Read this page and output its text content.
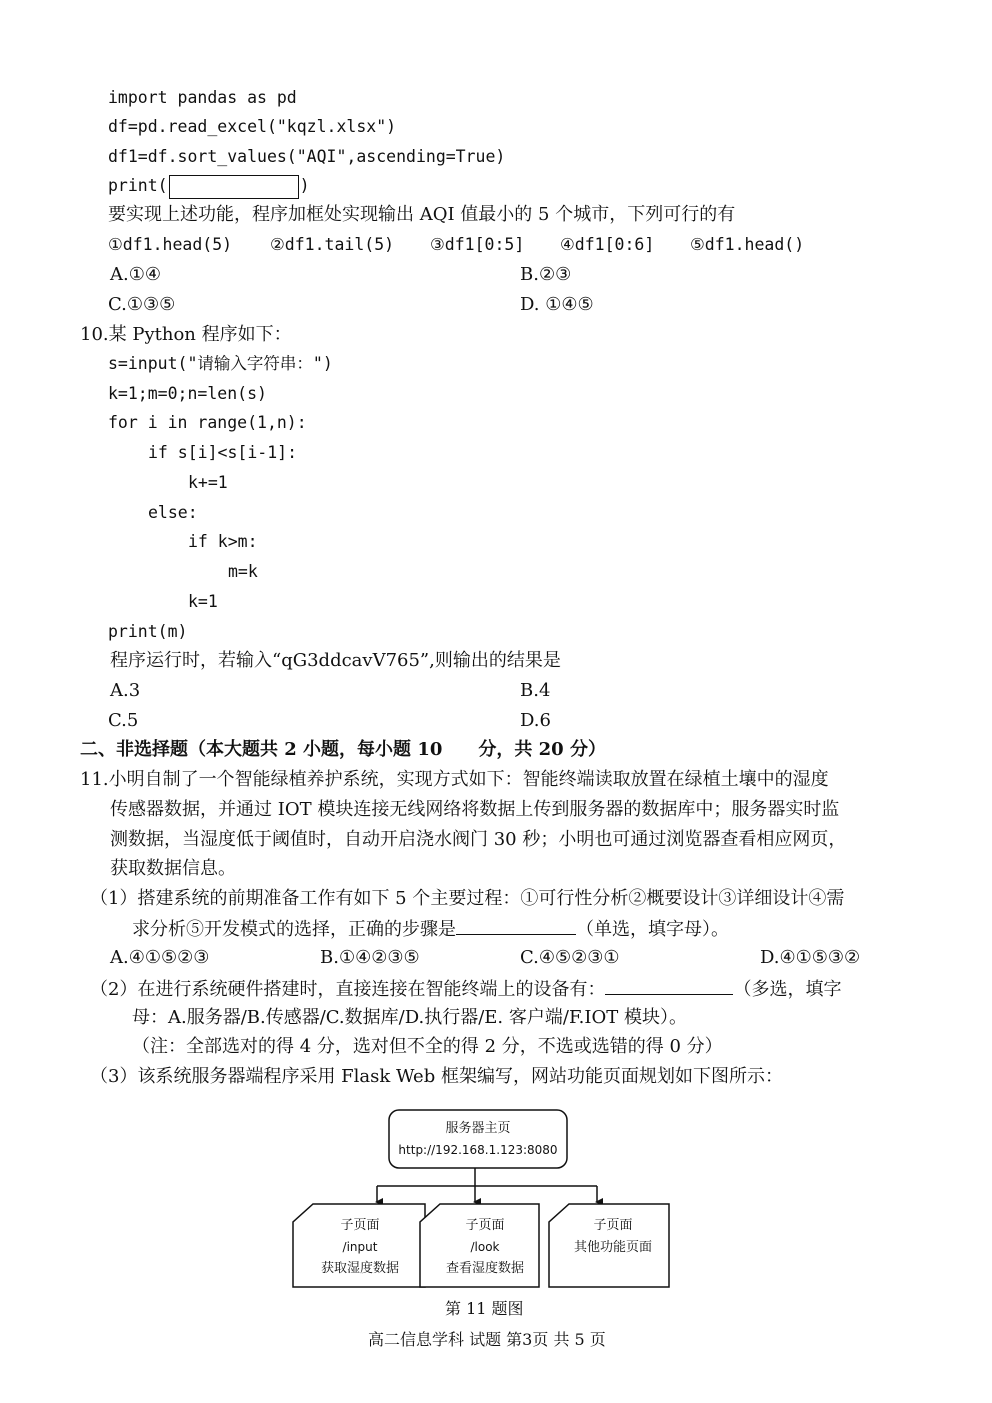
import pandas as pd
df=pd.read_excel("kqzl.xlsx")
df1=df.sort_values("AQI",ascending=True)
print(	)
要实现上述功能，程序加框处实现输出 AQI 值最小的 5 个城市，下列可行的有
①df1.head(5) ②df1.tail(5) ③df1[0:5] ④df1[0:6] ⑤df1.head()
A.①④	B.②③
C.①③⑤	D. ①④⑤
10.某 Python 程序如下：
s=input("请输入字符串：")
k=1;m=0;n=len(s)
for i in range(1,n):
if s[i]<s[i-1]:
k+=1
else:
if k>m:
m=k
k=1
print(m)
程序运行时，若输入“qG3ddcavV765”,则输出的结果是
A.3	B.4
C.5	D.6
二、非选择题（本大题共 2 小题，每小题 10　　分，共 20 分）
11.小明自制了一个智能绿植养护系统，实现方式如下：智能终端读取放置在绿植土壤中的湿度
传感器数据，并通过 IOT 模块连接无线网络将数据上传到服务器的数据库中；服务器实时监
测数据，当湿度低于阈值时，自动开启浇水阀门 30 秒；小明也可通过浏览器查看相应网页，
获取数据信息。
（1）搭建系统的前期准备工作有如下 5 个主要过程：①可行性分析②概要设计③详细设计④需
求分析⑤开发模式的选择，正确的步骤是	（单选，填字母）。
A.④①⑤②③	B.①④②③⑤	C.④⑤②③①	D.④①⑤③②
（2）在进行系统硬件搭建时，直接连接在智能终端上的设备有：	（多选，填字
母：A.服务器/B.传感器/C.数据库/D.执行器/E. 客户端/F.IOT 模块）。
（注：全部选对的得 4 分，选对但不全的得 2 分，不选或选错的得 0 分）
（3）该系统服务器端程序采用 Flask Web 框架编写，网站功能页面规划如下图所示：
服务器主页
http://192.168.1.123:8080
子页面
/input
获取湿度数据
子页面
/look
查看湿度数据
子页面
其他功能页面
第 11 题图
高二信息学科 试题 第3页 共 5 页
